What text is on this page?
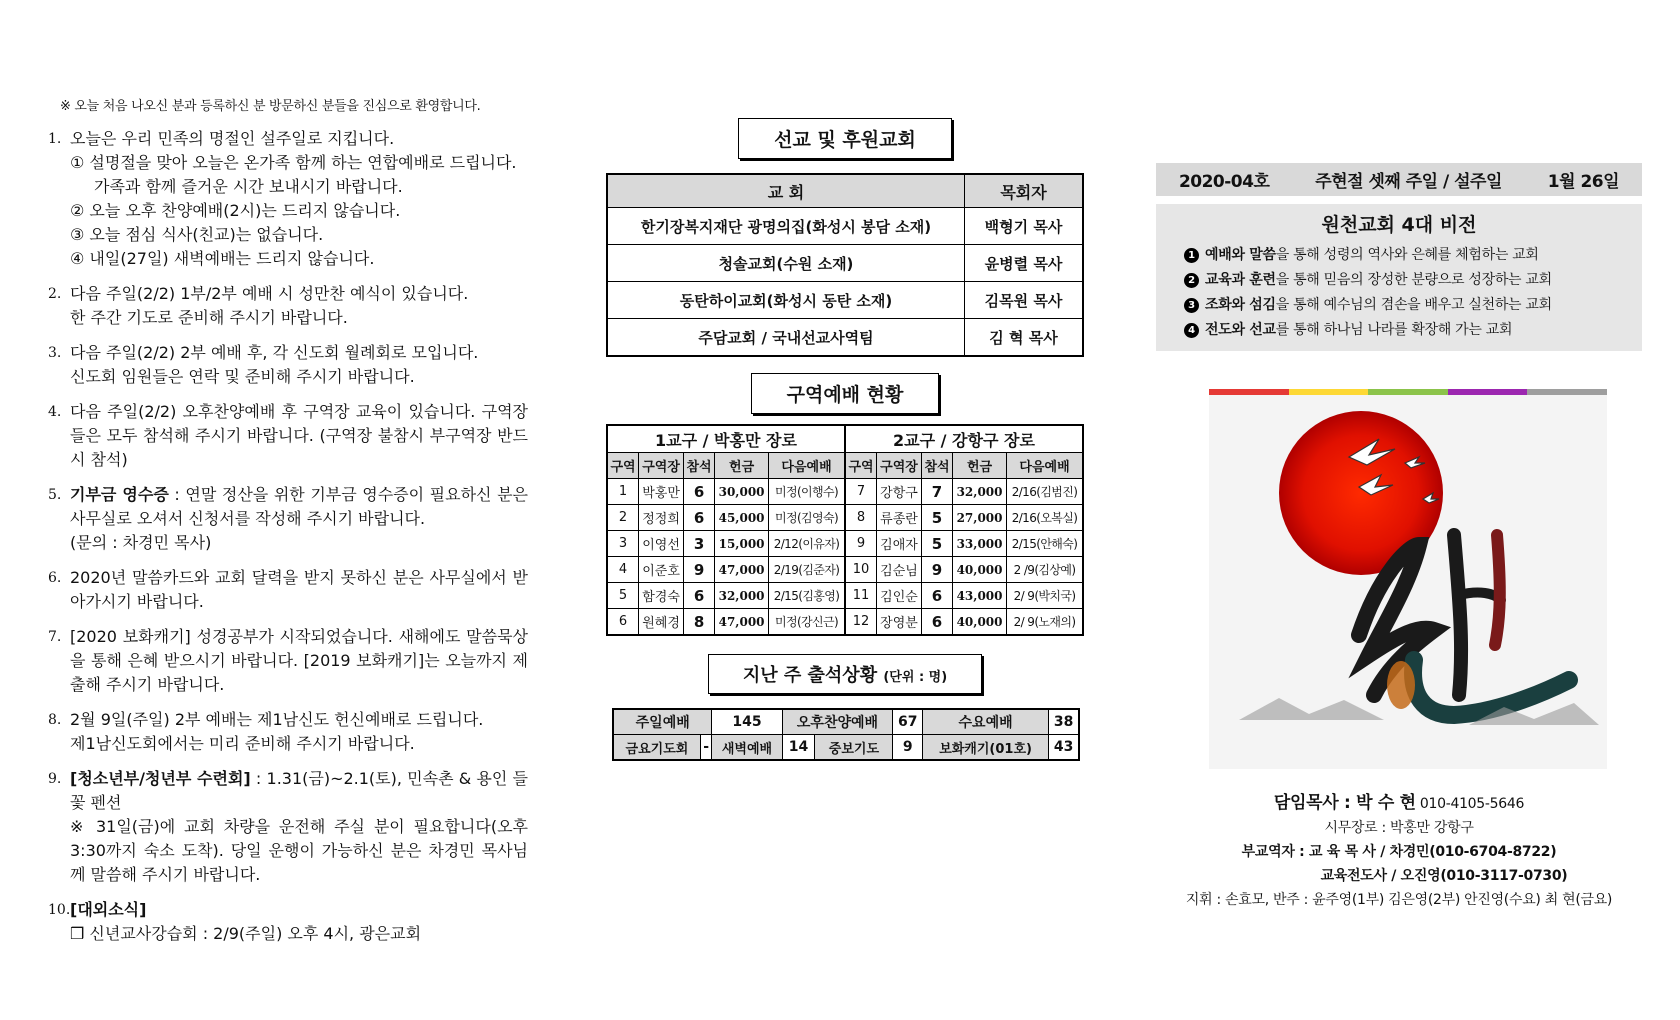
※ 오늘 처음 나오신 분과 등록하신 분 방문하신 분들을 진심으로 환영합니다.
1. 오늘은 우리 민족의 명절인 설주일로 지킵니다.
① 설명절을 맞아 오늘은 온가족 함께 하는 연합예배로 드립니다.
가족과 함께 즐거운 시간 보내시기 바랍니다.
② 오늘 오후 찬양예배(2시)는 드리지 않습니다.
③ 오늘 점심 식사(친교)는 없습니다.
④ 내일(27일) 새벽예배는 드리지 않습니다.
2. 다음 주일(2/2) 1부/2부 예배 시 성만찬 예식이 있습니다.
한 주간 기도로 준비해 주시기 바랍니다.
3. 다음 주일(2/2) 2부 예배 후, 각 신도회 월례회로 모입니다.
신도회 임원들은 연락 및 준비해 주시기 바랍니다.
4. 다음 주일(2/2) 오후찬양예배 후 구역장 교육이 있습니다. 구역장들은 모두 참석해 주시기 바랍니다. (구역장 불참시 부구역장 반드시 참석)
5. 기부금 영수증 : 연말 정산을 위한 기부금 영수증이 필요하신 분은 사무실로 오셔서 신청서를 작성해 주시기 바랍니다.
(문의 : 차경민 목사)
6. 2020년 말씀카드와 교회 달력을 받지 못하신 분은 사무실에서 받아가시기 바랍니다.
7. [2020 보화캐기] 성경공부가 시작되었습니다. 새해에도 말씀묵상을 통해 은혜 받으시기 바랍니다. [2019 보화캐기]는 오늘까지 제출해 주시기 바랍니다.
8. 2월 9일(주일) 2부 예배는 제1남신도 헌신예배로 드립니다.
제1남신도회에서는 미리 준비해 주시기 바랍니다.
9. [청소년부/청년부 수련회] : 1.31(금)~2.1(토), 민속촌 & 용인 들꽃 펜션
※ 31일(금)에 교회 차량을 운전해 주실 분이 필요합니다(오후 3:30까지 숙소 도착). 당일 운행이 가능하신 분은 차경민 목사님께 말씀해 주시기 바랍니다.
10. [대외소식]
❒ 신년교사강습회 : 2/9(주일) 오후 4시, 광은교회
선교 및 후원교회
교 회	목회자
한기장복지재단 광명의집(화성시 봉담 소재)	백형기 목사
청솔교회(수원 소재)	윤병렬 목사
동탄하이교회(화성시 동탄 소재)	김목원 목사
주담교회 / 국내선교사역팀	김 혁 목사
구역예배 현황
1교구 / 박홍만 장로					2교구 / 강항구 장로				
구역	구역장	참석	헌금	다음예배	구역	구역장	참석	헌금	다음예배
1	박홍만	6	30,000	미정(이행수)	7	강항구	7	32,000	2/16(김범진)
2	정정희	6	45,000	미정(김영숙)	8	류종란	5	27,000	2/16(오복실)
3	이영선	3	15,000	2/12(이유자)	9	김애자	5	33,000	2/15(안해숙)
4	이준호	9	47,000	2/19(김준자)	10	김순님	9	40,000	2 /9(김상예)
5	함경숙	6	32,000	2/15(김홍영)	11	김인순	6	43,000	2/ 9(박치국)
6	원혜경	8	47,000	미정(강신근)	12	장영분	6	40,000	2/ 9(노재의)
지난 주 출석상황 (단위 : 명)
주일예배		145	오후찬양예배		67	수요예배	38
금요기도회	-	새벽예배	14	중보기도	9	보화캐기(01호)	43
2020-04호	주현절 셋째 주일 / 설주일	1월 26일
원천교회 4대 비전
1 예배와 말씀을 통해 성령의 역사와 은혜를 체험하는 교회
2 교육과 훈련을 통해 믿음의 장성한 분량으로 성장하는 교회
3 조화와 섬김을 통해 예수님의 겸손을 배우고 실천하는 교회
4 전도와 선교를 통해 하나님 나라를 확장해 가는 교회
담임목사 : 박 수 현 010-4105-5646
시무장로 : 박홍만 강항구
부교역자 : 교 육 목 사 / 차경민(010-6704-8722)
교육전도사 / 오진영(010-3117-0730)
지휘 : 손효모, 반주 : 윤주영(1부) 김은영(2부) 안진영(수요) 최 현(금요)
